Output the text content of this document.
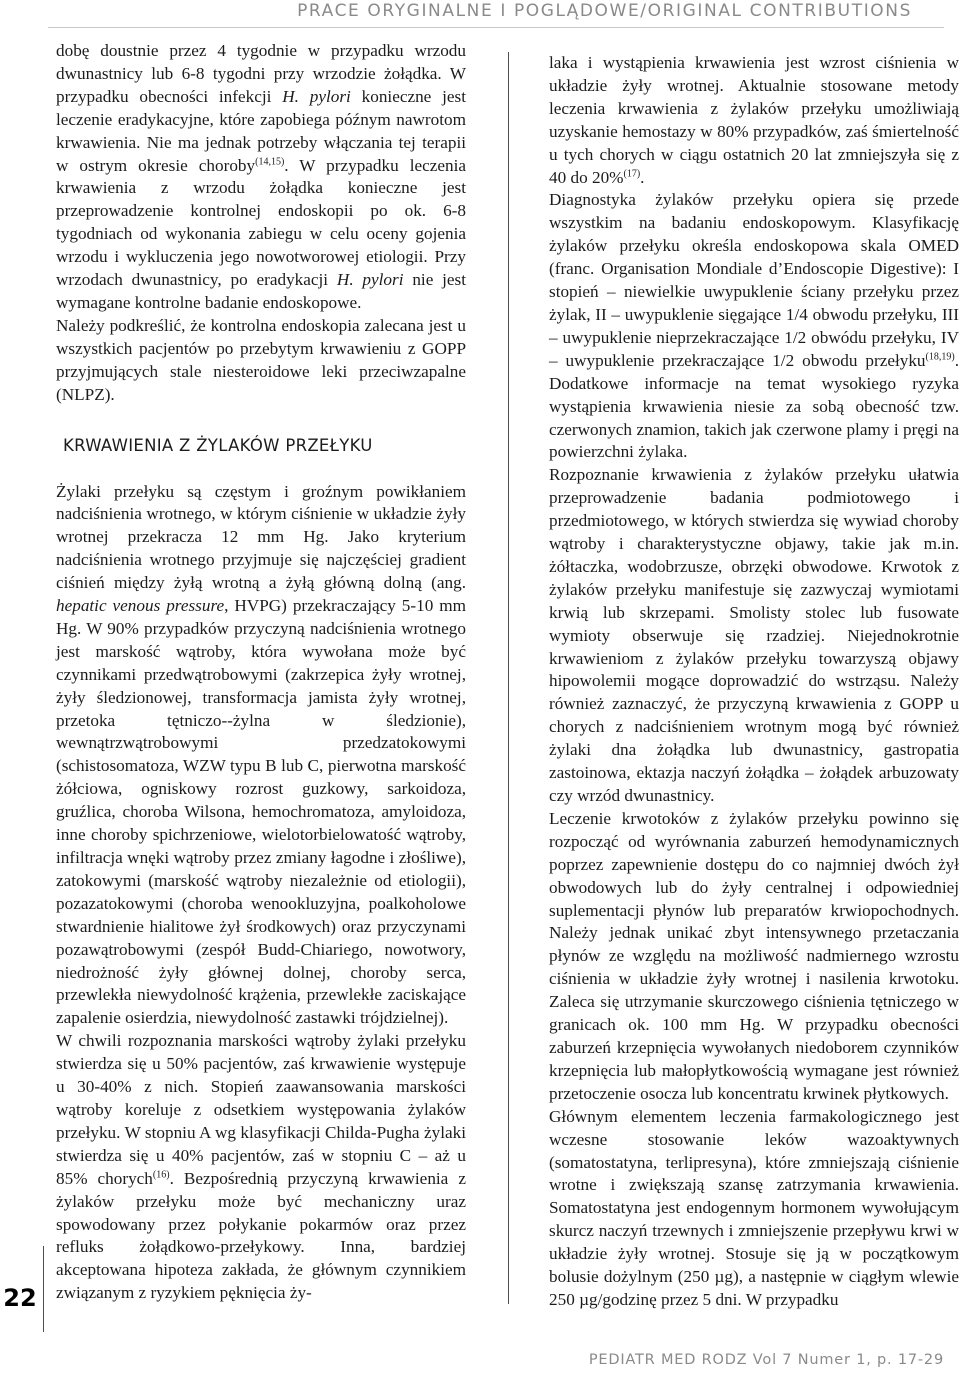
PRACE ORYGINALNE I POGLĄDOWE/ORIGINAL CONTRIBUTIONS

dobę doustnie przez 4 tygodnie w przypadku wrzodu dwunastnicy lub 6-8 tygodni przy wrzodzie żołądka. W przypadku obecności infekcji H. pylori konieczne jest leczenie eradykacyjne, które zapobiega późnym nawrotom krwawienia. Nie ma jednak potrzeby włączania tej terapii w ostrym okresie choroby$^{(14,15)}$. W przypadku leczenia krwawienia z wrzodu żołądka konieczne jest przeprowadzenie kontrolnej endoskopii po ok. 6-8 tygodniach od wykonania zabiegu w celu oceny gojenia wrzodu i wykluczenia jego nowotworowej etiologii. Przy wrzodach dwunastnicy, po eradykacji H. pylori nie jest wymagane kontrolne badanie endoskopowe.

Należy podkreślić, że kontrolna endoskopia zalecana jest u wszystkich pacjentów po przebytym krwawieniu z GOPP przyjmujących stale niesteroidowe leki przeciwzapalne (NLPZ).

KRWAWIENIA Z ŻYLAKÓW PRZEŁYKU

Żylaki przełyku są częstym i groźnym powikłaniem nadciśnienia wrotnego, w którym ciśnienie w układzie żyły wrotnej przekracza 12 mm Hg. Jako kryterium nadciśnienia wrotnego przyjmuje się najczęściej gradient ciśnień między żyłą wrotną a żyłą główną dolną (ang. hepatic venous pressure, HVPG) przekraczający 5-10 mm Hg. W 90% przypadków przyczyną nadciśnienia wrotnego jest marskość wątroby, która wywołana może być czynnikami przedwątrobowymi (zakrzepica żyły wrotnej, żyły śledzionowej, transformacja jamista żyły wrotnej, przetoka tętniczo--żylna w śledzionie), wewnątrzwątrobowymi przedzatokowymi (schistosomatoza, WZW typu B lub C, pierwotna marskość żółciowa, ogniskowy rozrost guzkowy, sarkoidoza, gruźlica, choroba Wilsona, hemochromatoza, amyloidoza, inne choroby spichrzeniowe, wielotorbielowatość wątroby, infiltracja wnęki wątroby przez zmiany łagodne i złośliwe), zatokowymi (marskość wątroby niezależnie od etiologii), pozazatokowymi (choroba wenookluzyjna, poalkoholowe stwardnienie hialitowe żył środkowych) oraz przyczynami pozawątrobowymi (zespół Budd-Chiariego, nowotwory, niedrożność żyły głównej dolnej, choroby serca, przewlekła niewydolność krążenia, przewlekłe zaciskające zapalenie osierdzia, niewydolność zastawki trójdzielnej).

W chwili rozpoznania marskości wątroby żylaki przełyku stwierdza się u 50% pacjentów, zaś krwawienie występuje u 30-40% z nich. Stopień zaawansowania marskości wątroby koreluje z odsetkiem występowania żylaków przełyku. W stopniu A wg klasyfikacji Childa-Pugha żylaki stwierdza się u 40% pacjentów, zaś w stopniu C – aż u 85% chorych$^{(16)}$. Bezpośrednią przyczyną krwawienia z żylaków przełyku może być mechaniczny uraz spowodowany przez połykanie pokarmów oraz przez refluks żołądkowo-przełykowy. Inna, bardziej akceptowana hipoteza zakłada, że głównym czynnikiem związanym z ryzykiem pęknięcia ży-

laka i wystąpienia krwawienia jest wzrost ciśnienia w układzie żyły wrotnej. Aktualnie stosowane metody leczenia krwawienia z żylaków przełyku umożliwiają uzyskanie hemostazy w 80% przypadków, zaś śmiertelność u tych chorych w ciągu ostatnich 20 lat zmniejszyła się z 40 do 20%$^{(17)}$.

Diagnostyka żylaków przełyku opiera się przede wszystkim na badaniu endoskopowym. Klasyfikację żylaków przełyku określa endoskopowa skala OMED (franc. Organisation Mondiale d’Endoscopie Digestive): I stopień – niewielkie uwypuklenie ściany przełyku przez żylak, II – uwypuklenie sięgające 1/4 obwodu przełyku, III – uwypuklenie nieprzekraczające 1/2 obwódu przełyku, IV – uwypuklenie przekraczające 1/2 obwodu przełyku$^{(18,19)}$. Dodatkowe informacje na temat wysokiego ryzyka wystąpienia krwawienia niesie za sobą obecność tzw. czerwonych znamion, takich jak czerwone plamy i pręgi na powierzchni żylaka.

Rozpoznanie krwawienia z żylaków przełyku ułatwia przeprowadzenie badania podmiotowego i przedmiotowego, w których stwierdza się wywiad choroby wątroby i charakterystyczne objawy, takie jak m.in. żółtaczka, wodobrzusze, obrzęki obwodowe. Krwotok z żylaków przełyku manifestuje się zazwyczaj wymiotami krwią lub skrzepami. Smolisty stolec lub fusowate wymioty obserwuje się rzadziej. Niejednokrotnie krwawieniom z żylaków przełyku towarzyszą objawy hipowolemii mogące doprowadzić do wstrząsu. Należy również zaznaczyć, że przyczyną krwawienia z GOPP u chorych z nadciśnieniem wrotnym mogą być również żylaki dna żołądka lub dwunastnicy, gastropatia zastoinowa, ektazja naczyń żołądka – żołądek arbuzowaty czy wrzód dwunastnicy.

Leczenie krwotoków z żylaków przełyku powinno się rozpocząć od wyrównania zaburzeń hemodynamicznych poprzez zapewnienie dostępu do co najmniej dwóch żył obwodowych lub do żyły centralnej i odpowiedniej suplementacji płynów lub preparatów krwiopochodnych. Należy jednak unikać zbyt intensywnego przetaczania płynów ze względu na możliwość nadmiernego wzrostu ciśnienia w układzie żyły wrotnej i nasilenia krwotoku. Zaleca się utrzymanie skurczowego ciśnienia tętniczego w granicach ok. 100 mm Hg. W przypadku obecności zaburzeń krzepnięcia wywołanych niedoborem czynników krzepnięcia lub małopłytkowością wymagane jest również przetoczenie osocza lub koncentratu krwinek płytkowych.

Głównym elementem leczenia farmakologicznego jest wczesne stosowanie leków wazoaktywnych (somatostatyna, terlipresyna), które zmniejszają ciśnienie wrotne i zwiększają szansę zatrzymania krwawienia. Somatostatyna jest endogennym hormonem wywołującym skurcz naczyń trzewnych i zmniejszenie przepływu krwi w układzie żyły wrotnej. Stosuje się ją w początkowym bolusie dożylnym (250 µg), a następnie w ciągłym wlewie 250 µg/godzinę przez 5 dni. W przypadku

22
PEDIATR MED RODZ Vol 7 Numer 1, p. 17-29
